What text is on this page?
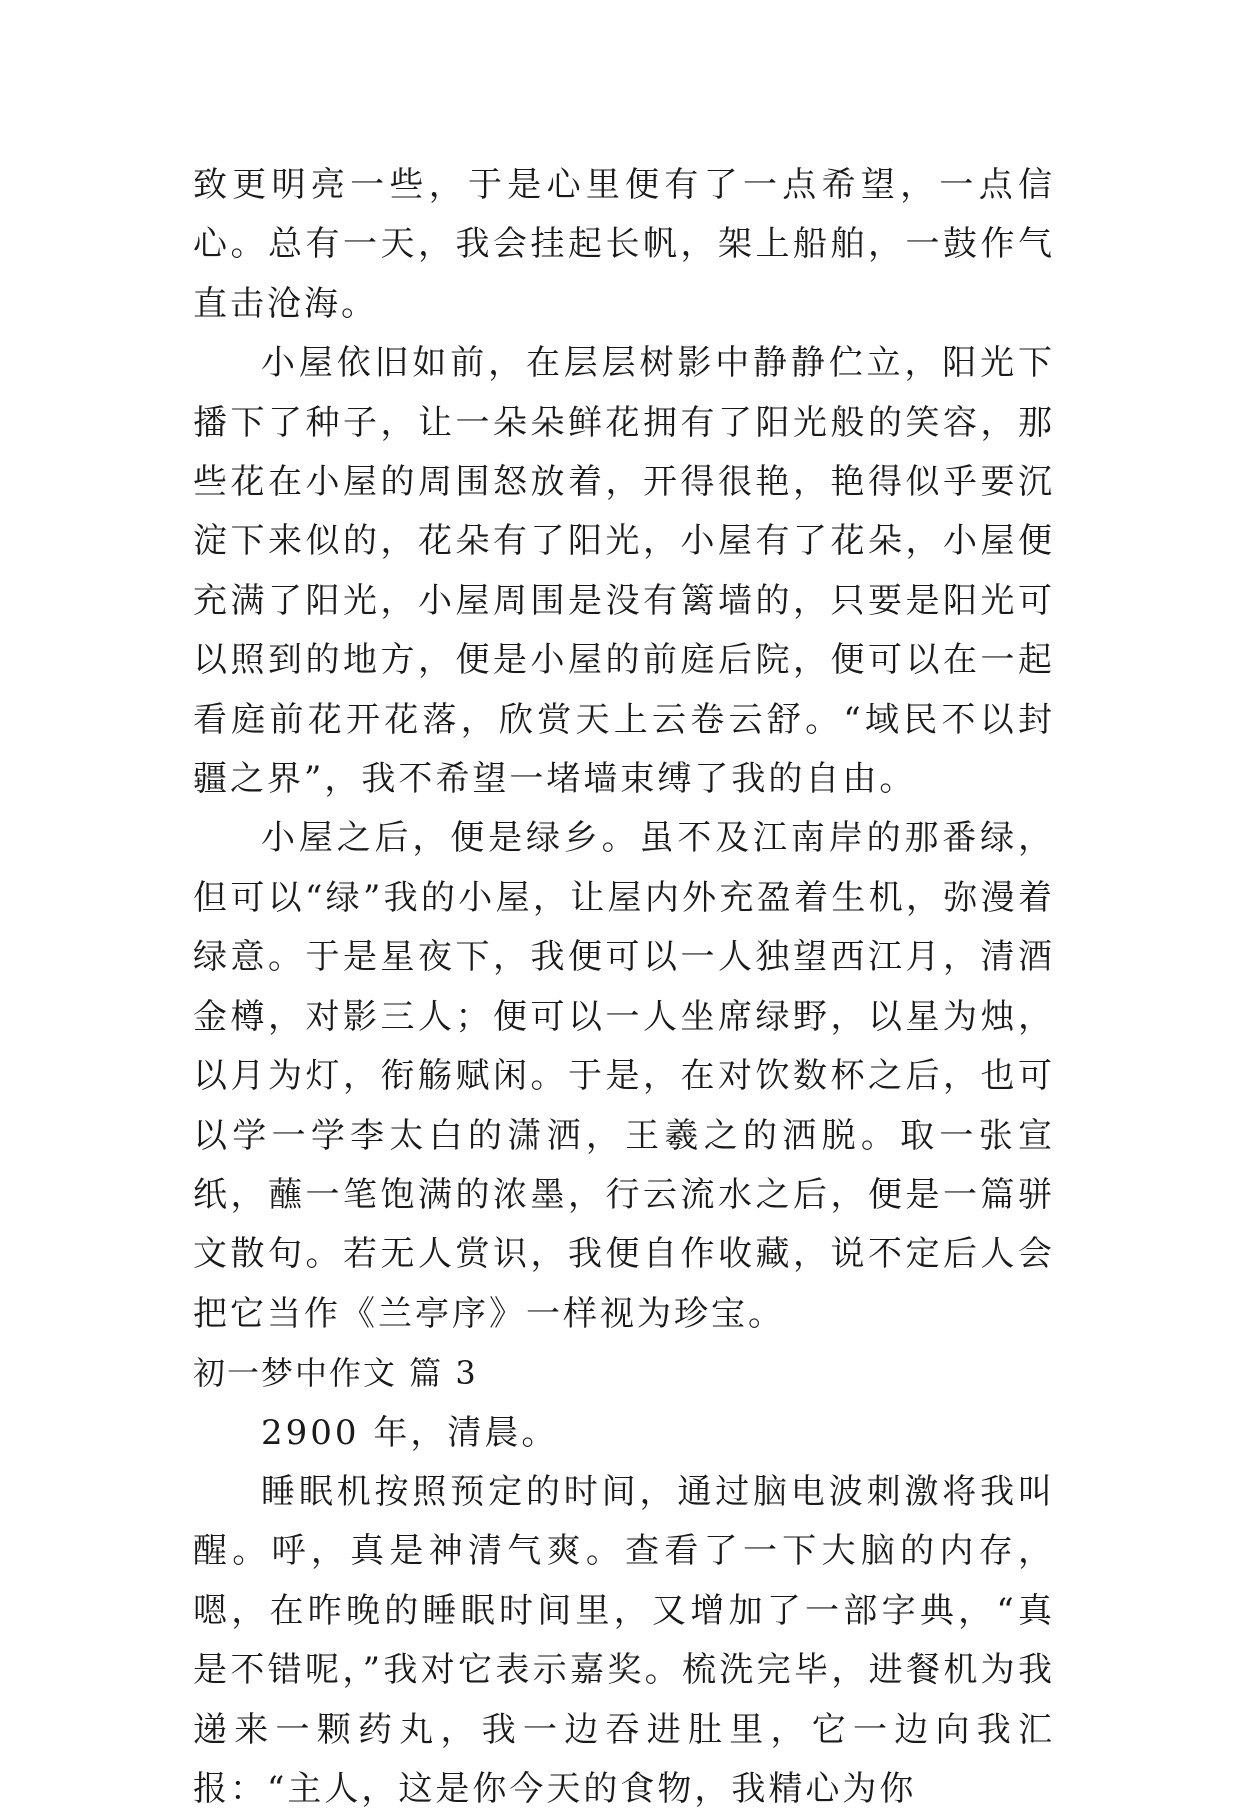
致更明亮一些，于是心里便有了一点希望，一点信心。总有一天，我会挂起长帆，架上船舶，一鼓作气直击沧海。

小屋依旧如前，在层层树影中静静伫立，阳光下播下了种子，让一朵朵鲜花拥有了阳光般的笑容，那些花在小屋的周围怒放着，开得很艳，艳得似乎要沉淀下来似的，花朵有了阳光，小屋有了花朵，小屋便充满了阳光，小屋周围是没有篱墙的，只要是阳光可以照到的地方，便是小屋的前庭后院，便可以在一起看庭前花开花落，欣赏天上云卷云舒。“域民不以封疆之界”，我不希望一堵墙束缚了我的自由。

小屋之后，便是绿乡。虽不及江南岸的那番绿，但可以“绿”我的小屋，让屋内外充盈着生机，弥漫着绿意。于是星夜下，我便可以一人独望西江月，清酒金樽，对影三人；便可以一人坐席绿野，以星为烛，以月为灯，衔觞赋闲。于是，在对饮数杯之后，也可以学一学李太白的潇洒，王羲之的洒脱。取一张宣纸，蘸一笔饱满的浓墨，行云流水之后，便是一篇骈文散句。若无人赏识，我便自作收藏，说不定后人会把它当作《兰亭序》一样视为珍宝。

初一梦中作文 篇 3

2900 年，清晨。

睡眠机按照预定的时间，通过脑电波刺激将我叫醒。呼，真是神清气爽。查看了一下大脑的内存，嗯，在昨晚的睡眠时间里，又增加了一部字典，“真是不错呢，”我对它表示嘉奖。梳洗完毕，进餐机为我递来一颗药丸，我一边吞进肚里，它一边向我汇报：“主人，这是你今天的食物，我精心为你
